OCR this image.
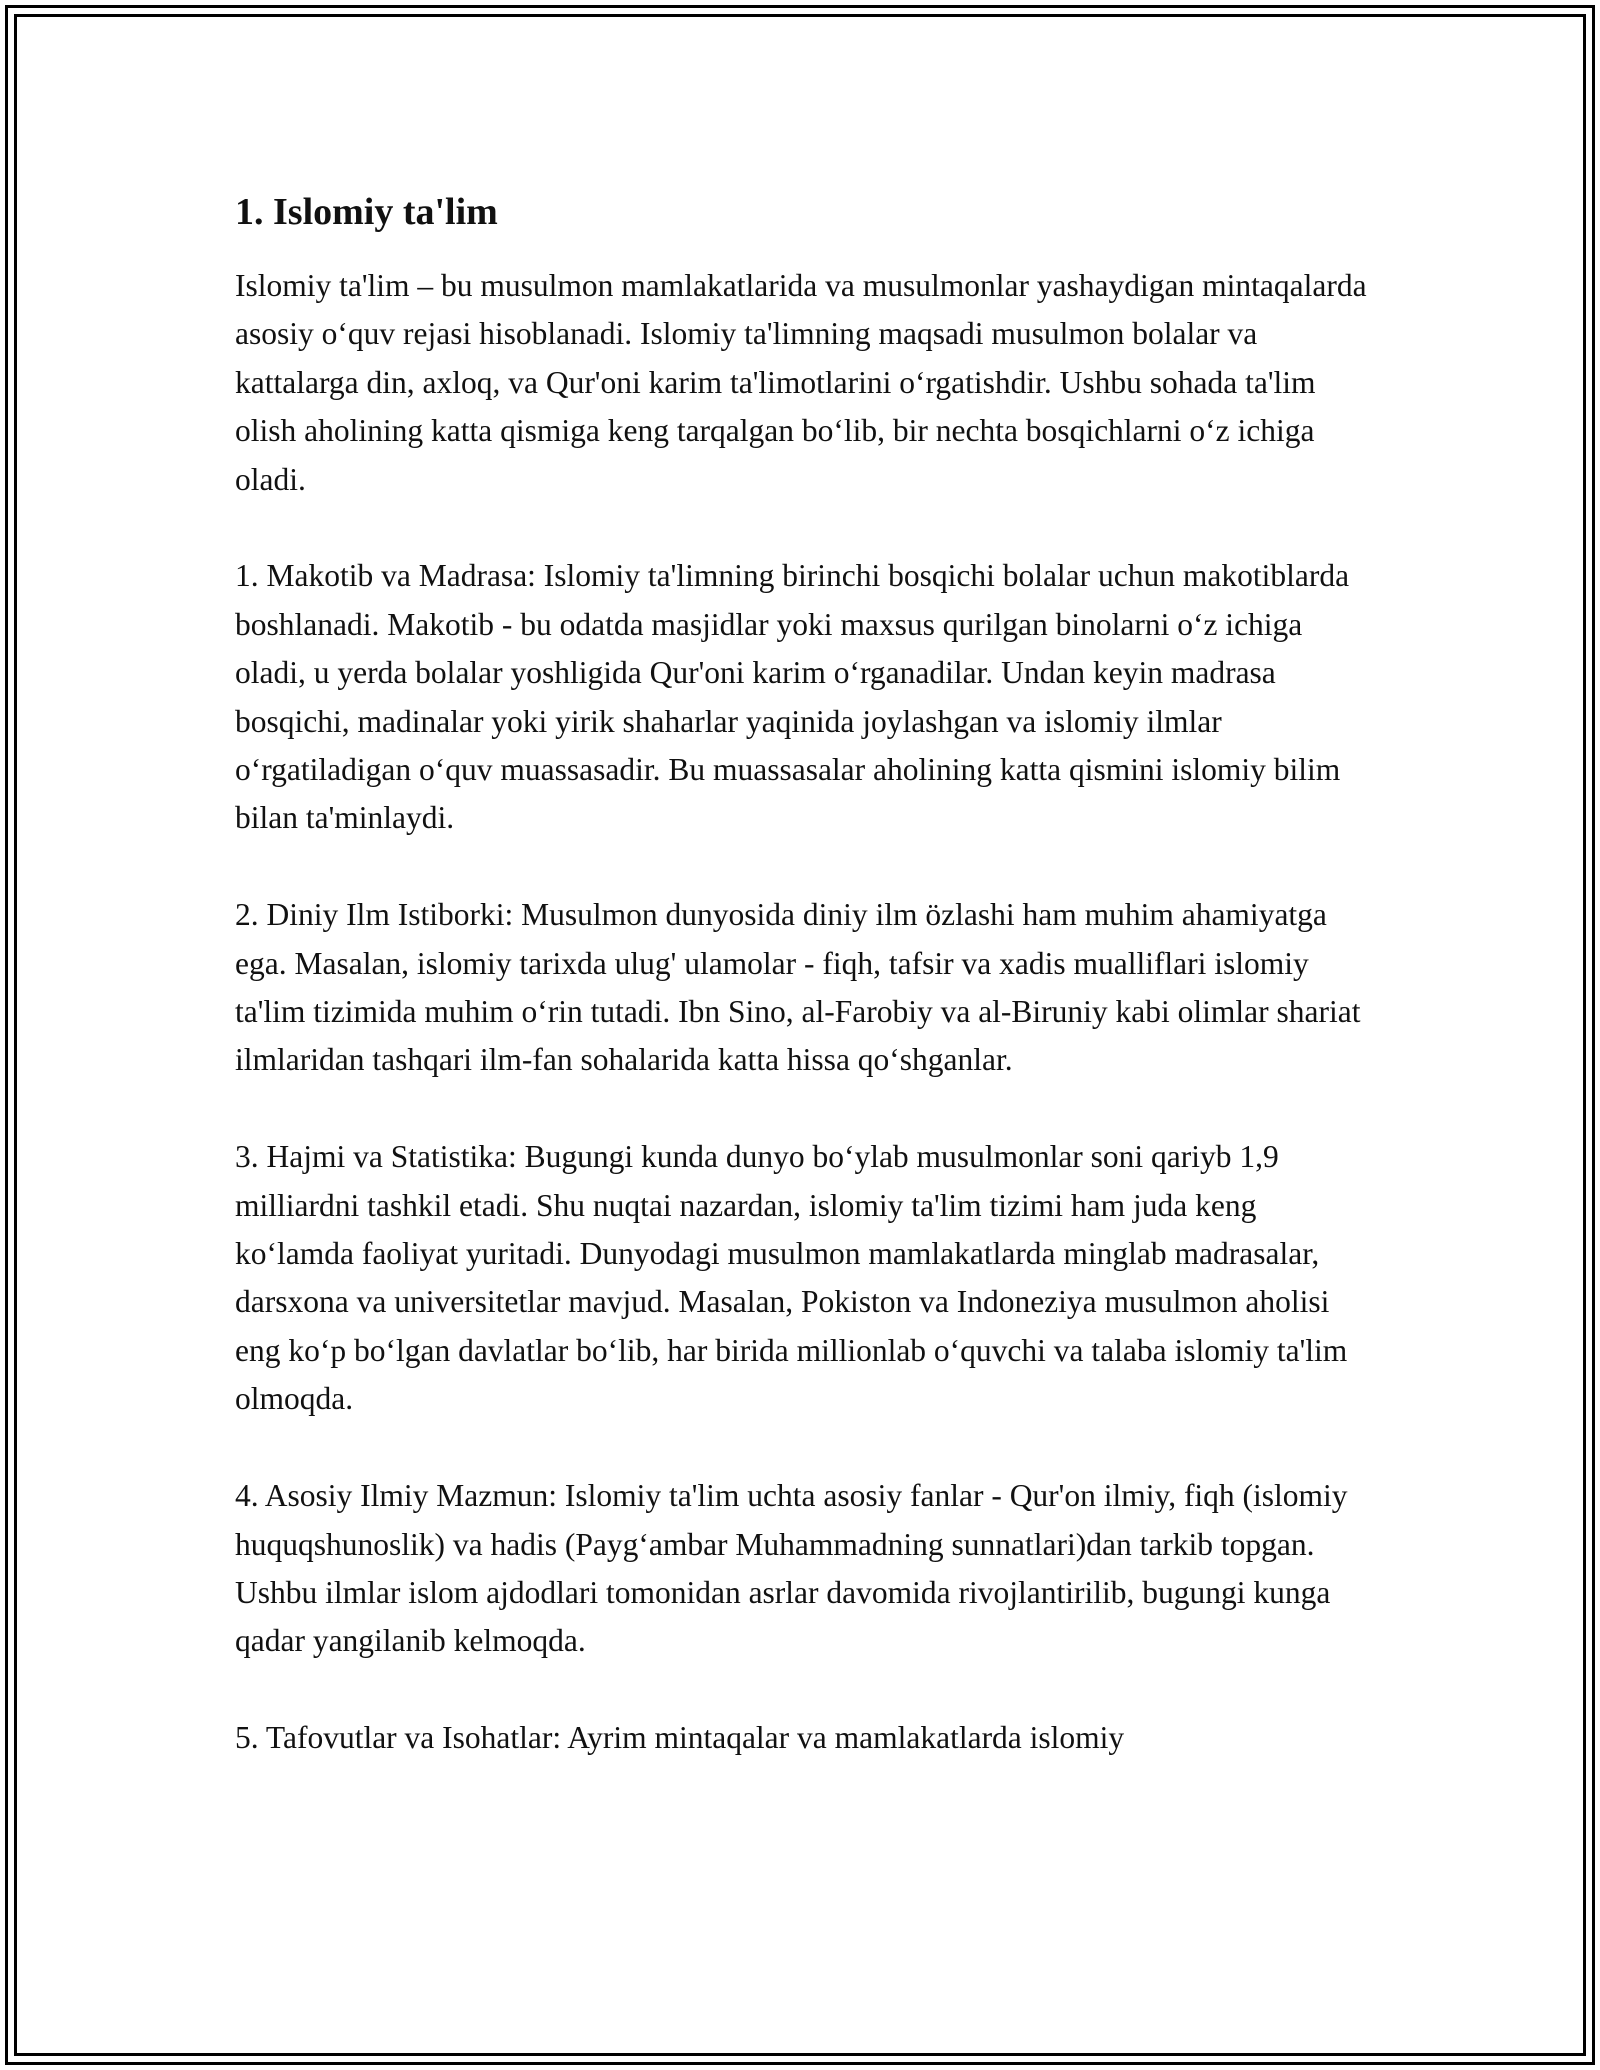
1. Islomiy ta'lim

Islomiy ta'lim – bu musulmon mamlakatlarida va musulmonlar yashaydigan mintaqalarda asosiy o‘quv rejasi hisoblanadi. Islomiy ta'limning maqsadi musulmon bolalar va kattalarga din, axloq, va Qur'oni karim ta'limotlarini o‘rgatishdir. Ushbu sohada ta'lim olish aholining katta qismiga keng tarqalgan bo‘lib, bir nechta bosqichlarni o‘z ichiga oladi.

1. Makotib va Madrasa: Islomiy ta'limning birinchi bosqichi bolalar uchun makotiblarda boshlanadi. Makotib - bu odatda masjidlar yoki maxsus qurilgan binolarni o‘z ichiga oladi, u yerda bolalar yoshligida Qur'oni karim o‘rganadilar. Undan keyin madrasa bosqichi, madinalar yoki yirik shaharlar yaqinida joylashgan va islomiy ilmlar o‘rgatiladigan o‘quv muassasadir. Bu muassasalar aholining katta qismini islomiy bilim bilan ta'minlaydi.

2. Diniy Ilm Istiborki: Musulmon dunyosida diniy ilm özlashi ham muhim ahamiyatga ega. Masalan, islomiy tarixda ulug' ulamolar - fiqh, tafsir va xadis mualliflari islomiy ta'lim tizimida muhim o‘rin tutadi. Ibn Sino, al-Farobiy va al-Biruniy kabi olimlar shariat ilmlaridan tashqari ilm-fan sohalarida katta hissa qo‘shganlar.

3. Hajmi va Statistika: Bugungi kunda dunyo bo‘ylab musulmonlar soni qariyb 1,9 milliardni tashkil etadi. Shu nuqtai nazardan, islomiy ta'lim tizimi ham juda keng ko‘lamda faoliyat yuritadi. Dunyodagi musulmon mamlakatlarda minglab madrasalar, darsxona va universitetlar mavjud. Masalan, Pokiston va Indoneziya musulmon aholisi eng ko‘p bo‘lgan davlatlar bo‘lib, har birida millionlab o‘quvchi va talaba islomiy ta'lim olmoqda.

4. Asosiy Ilmiy Mazmun: Islomiy ta'lim uchta asosiy fanlar - Qur'on ilmiy, fiqh (islomiy huquqshunoslik) va hadis (Payg‘ambar Muhammadning sunnatlari)dan tarkib topgan. Ushbu ilmlar islom ajdodlari tomonidan asrlar davomida rivojlantirilib, bugungi kunga qadar yangilanib kelmoqda.

5. Tafovutlar va Isohatlar: Ayrim mintaqalar va mamlakatlarda islomiy
